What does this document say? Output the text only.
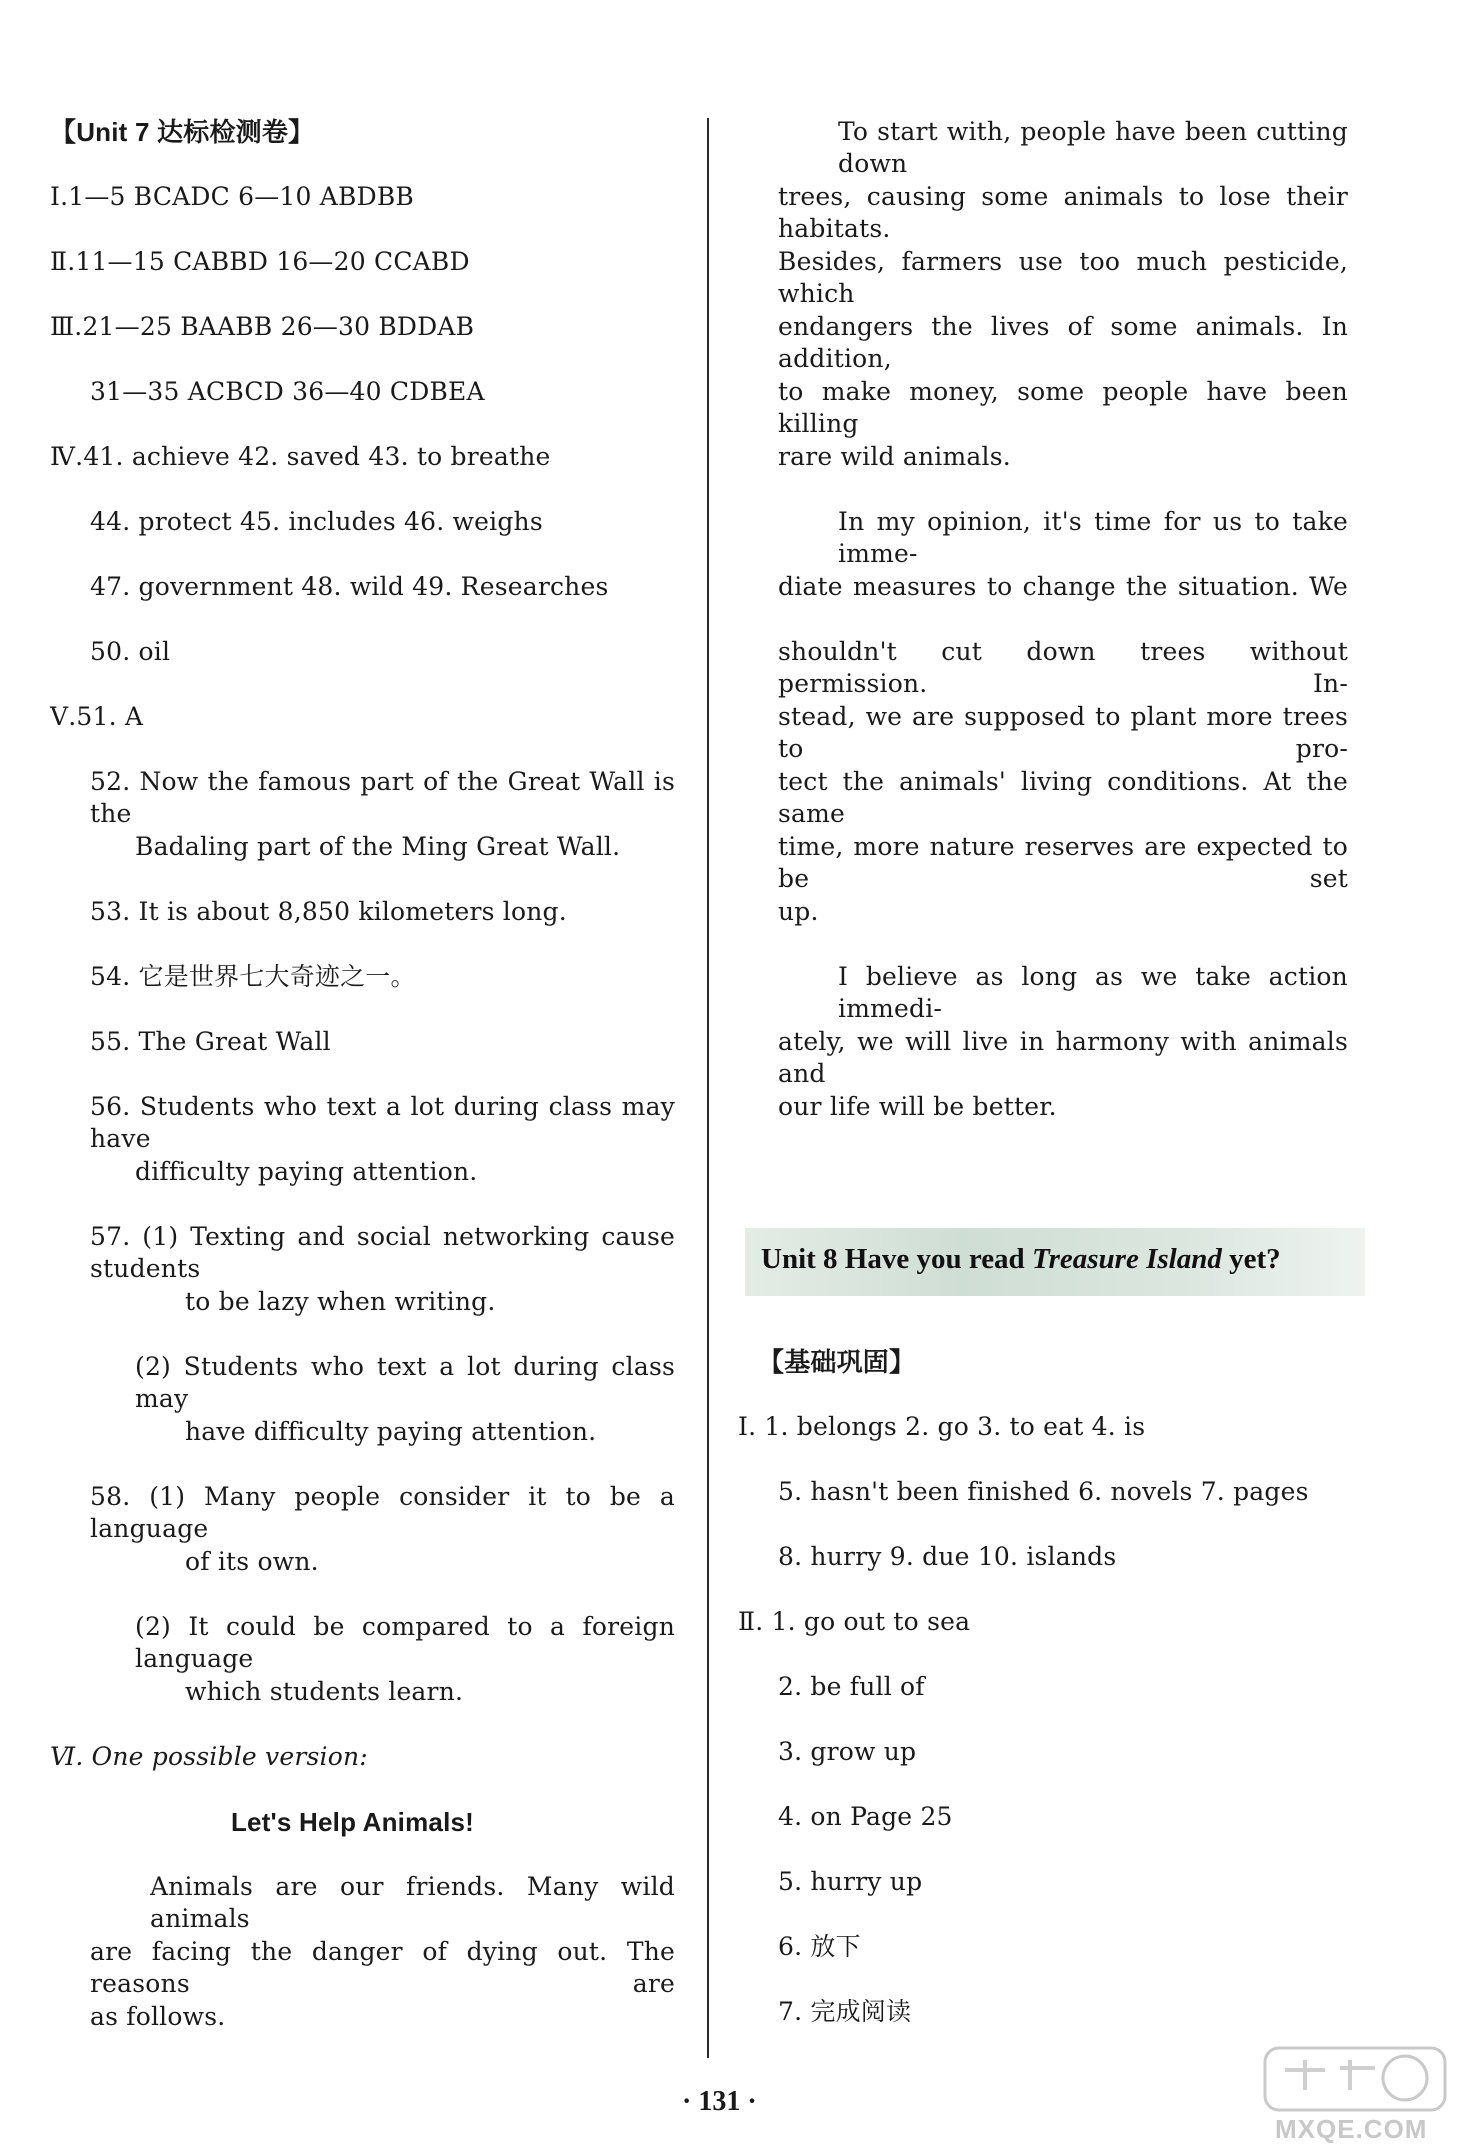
【Unit 7 达标检测卷】
Ⅰ.1—5 BCADC 6—10 ABDBB
Ⅱ.11—15 CABBD 16—20 CCABD
Ⅲ.21—25 BAABB 26—30 BDDAB
31—35 ACBCD 36—40 CDBEA
Ⅳ.41. achieve 42. saved 43. to breathe
44. protect 45. includes 46. weighs
47. government 48. wild 49. Researches
50. oil
Ⅴ.51. A
52. Now the famous part of the Great Wall is the
Badaling part of the Ming Great Wall.
53. It is about 8,850 kilometers long.
54. 它是世界七大奇迹之一。
55. The Great Wall
56. Students who text a lot during class may have
difficulty paying attention.
57. (1) Texting and social networking cause students
to be lazy when writing.
(2) Students who text a lot during class may
have difficulty paying attention.
58. (1) Many people consider it to be a language
of its own.
(2) It could be compared to a foreign language
which students learn.
Ⅵ. One possible version:
Let's Help Animals!
Animals are our friends. Many wild animals
are facing the danger of dying out. The reasons are
as follows.
To start with, people have been cutting down
trees, causing some animals to lose their habitats.
Besides, farmers use too much pesticide, which
endangers the lives of some animals. In addition,
to make money, some people have been killing
rare wild animals.
In my opinion, it's time for us to take imme-
diate measures to change the situation. We
shouldn't cut down trees without permission. In-
stead, we are supposed to plant more trees to pro-
tect the animals' living conditions. At the same
time, more nature reserves are expected to be set
up.
I believe as long as we take action immedi-
ately, we will live in harmony with animals and
our life will be better.
【基础巩固】
Ⅰ. 1. belongs 2. go 3. to eat 4. is
5. hasn't been finished 6. novels 7. pages
8. hurry 9. due 10. islands
Ⅱ. 1. go out to sea
2. be full of
3. grow up
4. on Page 25
5. hurry up
6. 放下
7. 完成阅读
Unit 8 Have you read Treasure Island yet?
· 131 ·
MXQE.COM
